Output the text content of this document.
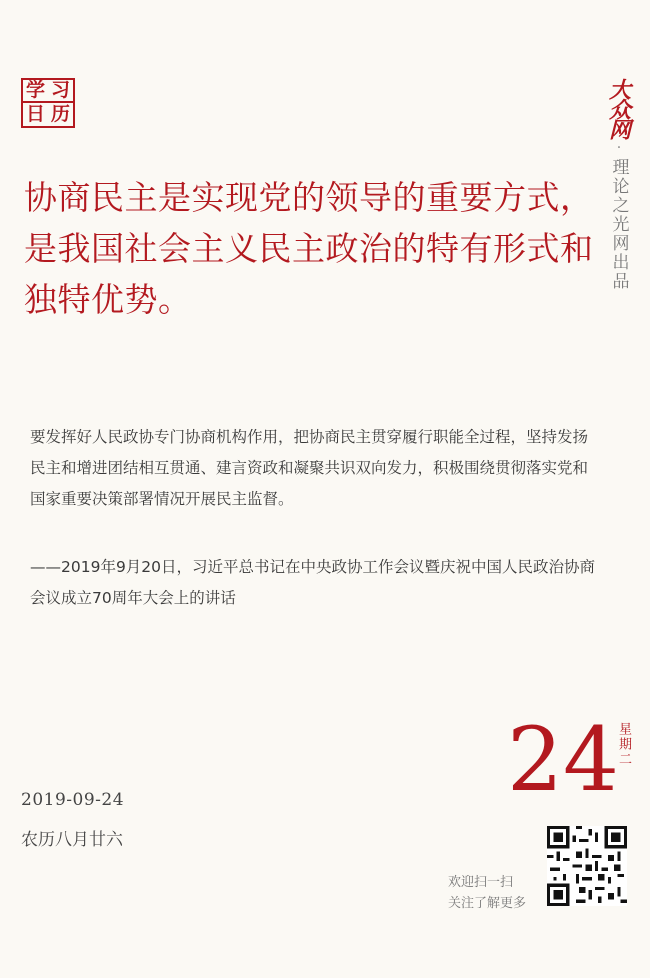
学 习
日 历
协商民主是实现党的领导的重要方式，是我国社会主义民主政治的特有形式和独特优势。
大众网
·
理论之光网出品

要发挥好人民政协专门协商机构作用，把协商民主贯穿履行职能全过程，坚持发扬民主和增进团结相互贯通、建言资政和凝聚共识双向发力，积极围绕贯彻落实党和国家重要决策部署情况开展民主监督。

——2019年9月20日，习近平总书记在中央政协工作会议暨庆祝中国人民政治协商会议成立70周年大会上的讲话

24
星期二
2019-09-24
农历八月廿六
欢迎扫一扫
关注了解更多
